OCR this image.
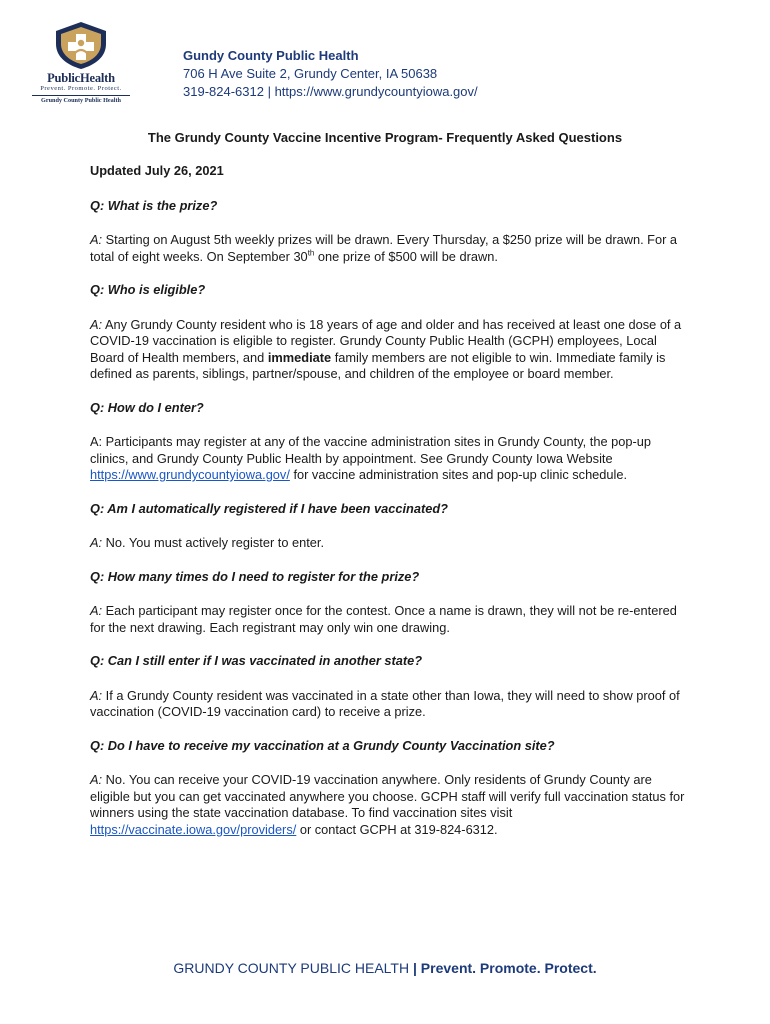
PublicHealth
Prevent. Promote. Protect.
Grundy County Public Health
Gundy County Public Health
706 H Ave Suite 2, Grundy Center, IA 50638
319-824-6312 | https://www.grundycountyiowa.gov/
The Grundy County Vaccine Incentive Program- Frequently Asked Questions

Updated July 26, 2021

Q: What is the prize?

A: Starting on August 5th weekly prizes will be drawn. Every Thursday, a $250 prize will be drawn. For a total of eight weeks. On September 30th one prize of $500 will be drawn.

Q: Who is eligible?

A: Any Grundy County resident who is 18 years of age and older and has received at least one dose of a COVID-19 vaccination is eligible to register. Grundy County Public Health (GCPH) employees, Local Board of Health members, and immediate family members are not eligible to win. Immediate family is defined as parents, siblings, partner/spouse, and children of the employee or board member.

Q: How do I enter?

A: Participants may register at any of the vaccine administration sites in Grundy County, the pop-up clinics, and Grundy County Public Health by appointment. See Grundy County Iowa Website https://www.grundycountyiowa.gov/ for vaccine administration sites and pop-up clinic schedule.

Q: Am I automatically registered if I have been vaccinated?

A: No. You must actively register to enter.

Q: How many times do I need to register for the prize?

A: Each participant may register once for the contest. Once a name is drawn, they will not be re-entered for the next drawing. Each registrant may only win one drawing.

Q: Can I still enter if I was vaccinated in another state?

A: If a Grundy County resident was vaccinated in a state other than Iowa, they will need to show proof of vaccination (COVID-19 vaccination card) to receive a prize.

Q: Do I have to receive my vaccination at a Grundy County Vaccination site?

A: No. You can receive your COVID-19 vaccination anywhere. Only residents of Grundy County are eligible but you can get vaccinated anywhere you choose. GCPH staff will verify full vaccination status for winners using the state vaccination database. To find vaccination sites visit https://vaccinate.iowa.gov/providers/ or contact GCPH at 319-824-6312.

GRUNDY COUNTY PUBLIC HEALTH | Prevent. Promote. Protect.
